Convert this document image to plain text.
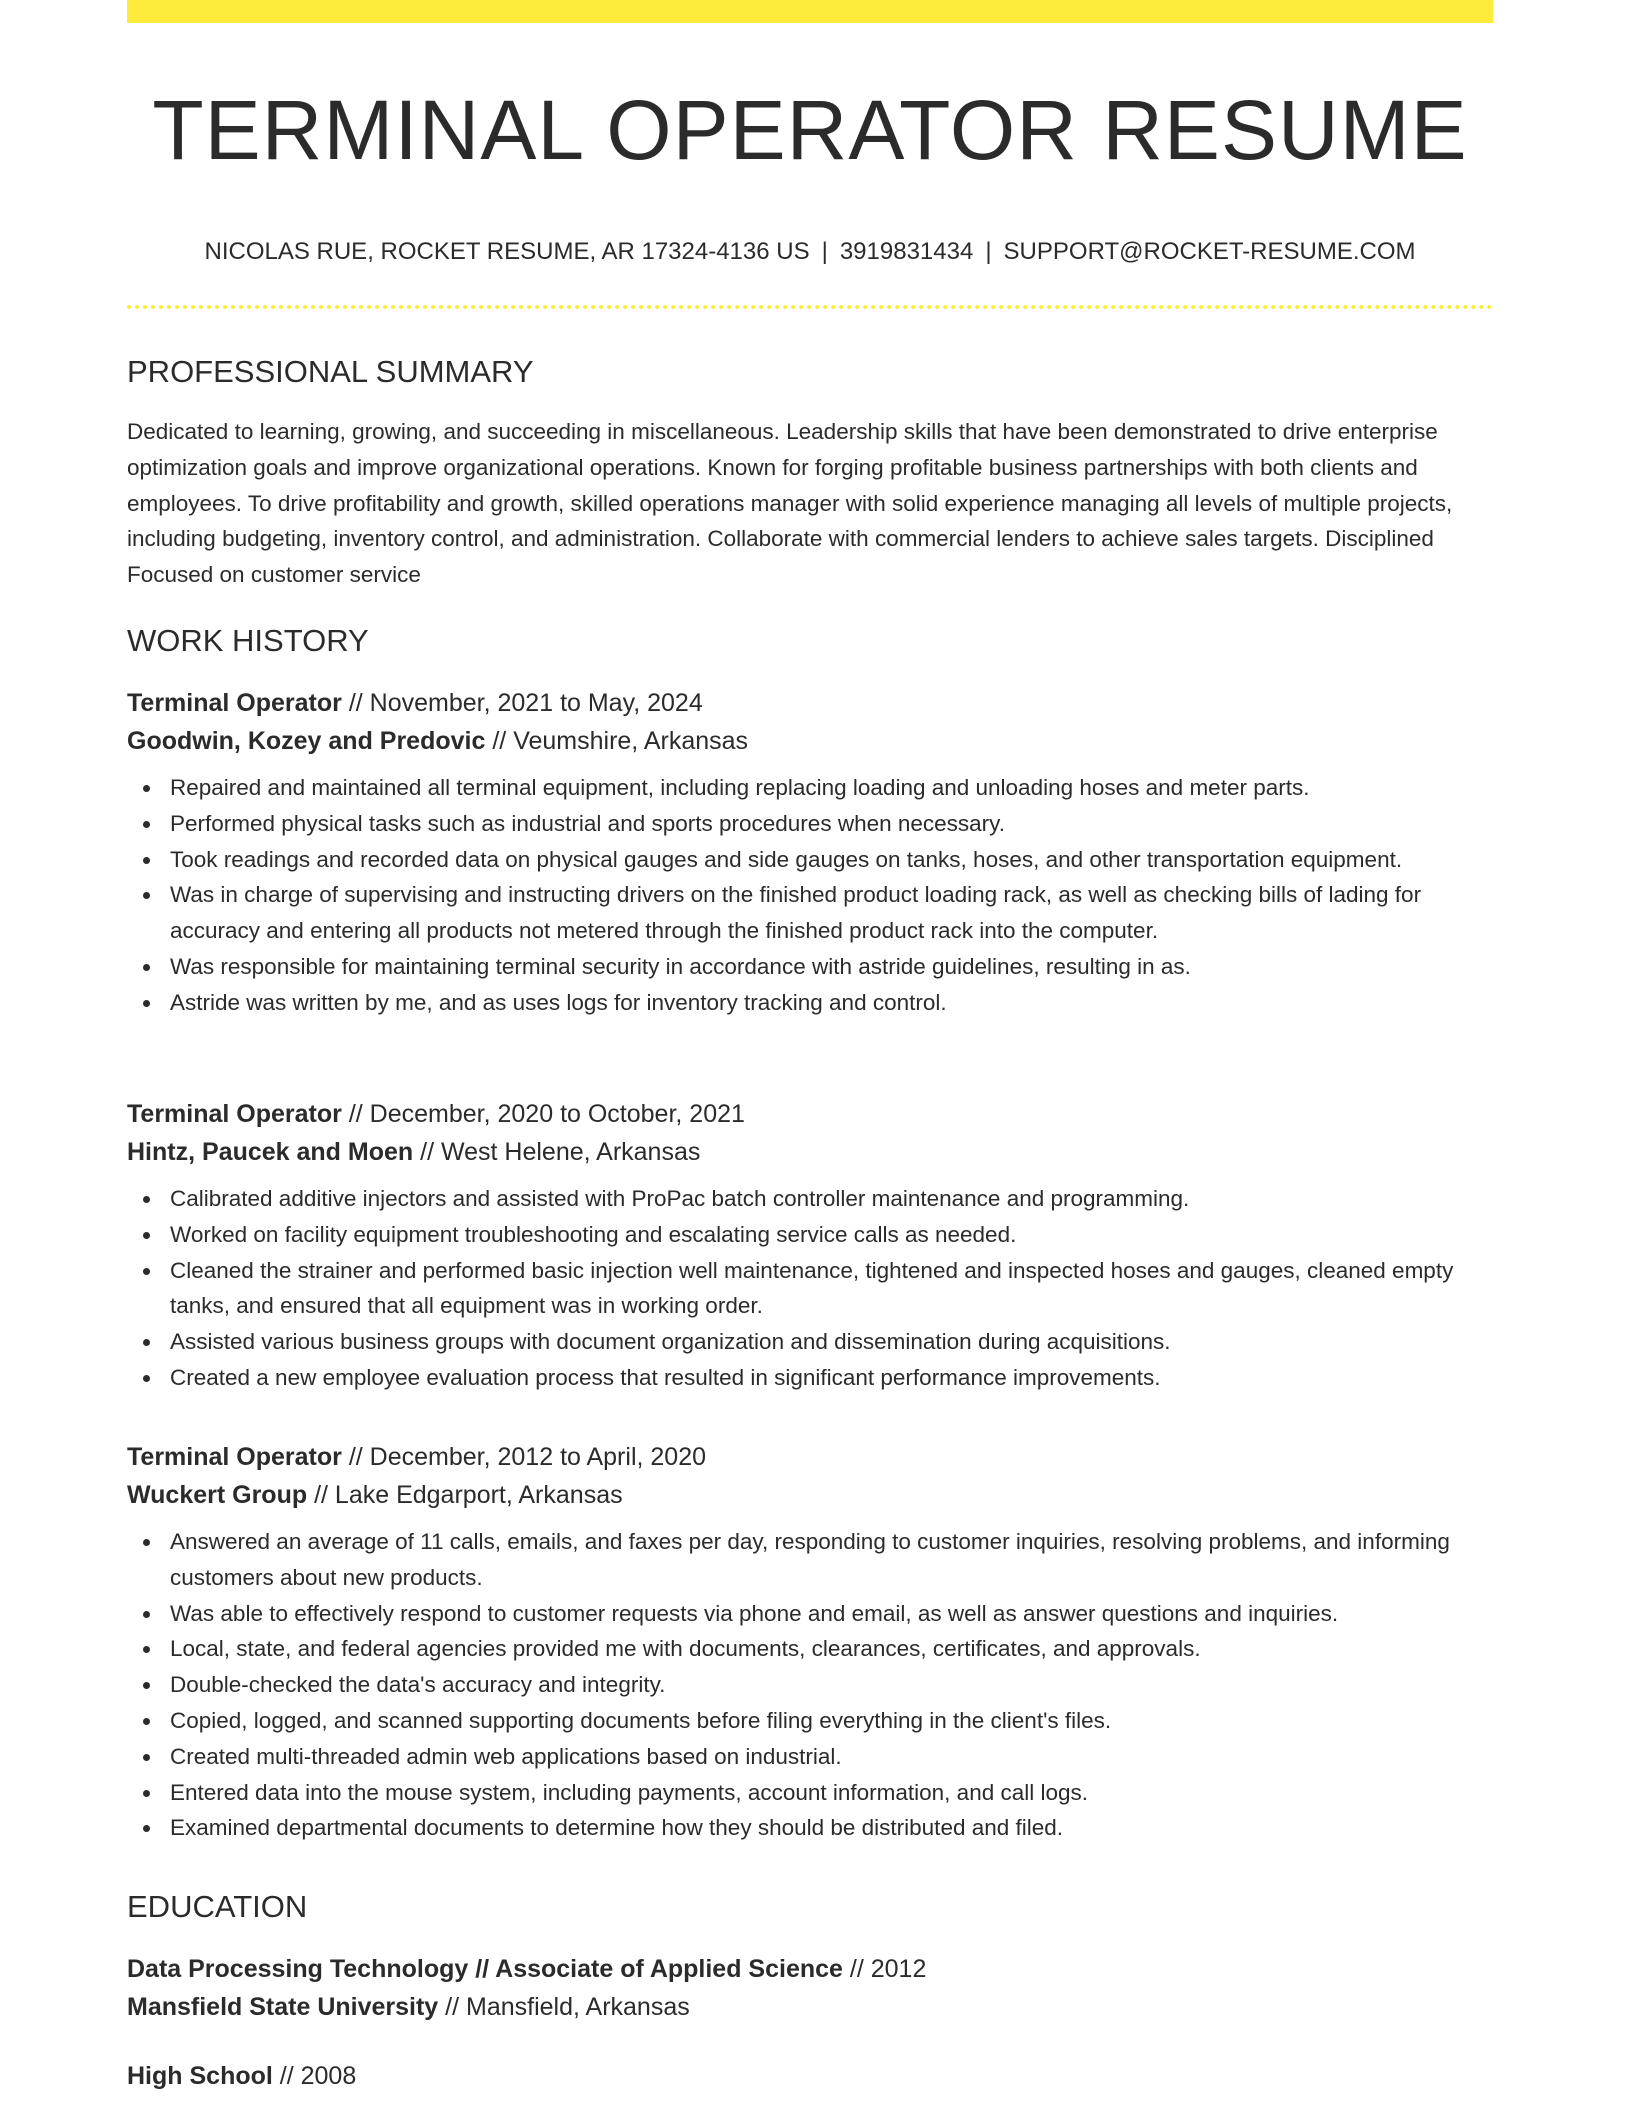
TERMINAL OPERATOR RESUME
NICOLAS RUE, ROCKET RESUME, AR 17324-4136 US | 3919831434 | SUPPORT@ROCKET-RESUME.COM
PROFESSIONAL SUMMARY

Dedicated to learning, growing, and succeeding in miscellaneous. Leadership skills that have been demonstrated to drive enterprise optimization goals and improve organizational operations. Known for forging profitable business partnerships with both clients and employees. To drive profitability and growth, skilled operations manager with solid experience managing all levels of multiple projects, including budgeting, inventory control, and administration. Collaborate with commercial lenders to achieve sales targets. Disciplined Focused on customer service

WORK HISTORY
Terminal Operator // November, 2021 to May, 2024
Goodwin, Kozey and Predovic // Veumshire, Arkansas
Repaired and maintained all terminal equipment, including replacing loading and unloading hoses and meter parts.
Performed physical tasks such as industrial and sports procedures when necessary.
Took readings and recorded data on physical gauges and side gauges on tanks, hoses, and other transportation equipment.
Was in charge of supervising and instructing drivers on the finished product loading rack, as well as checking bills of lading for accuracy and entering all products not metered through the finished product rack into the computer.
Was responsible for maintaining terminal security in accordance with astride guidelines, resulting in as.
Astride was written by me, and as uses logs for inventory tracking and control.
Terminal Operator // December, 2020 to October, 2021
Hintz, Paucek and Moen // West Helene, Arkansas
Calibrated additive injectors and assisted with ProPac batch controller maintenance and programming.
Worked on facility equipment troubleshooting and escalating service calls as needed.
Cleaned the strainer and performed basic injection well maintenance, tightened and inspected hoses and gauges, cleaned empty tanks, and ensured that all equipment was in working order.
Assisted various business groups with document organization and dissemination during acquisitions.
Created a new employee evaluation process that resulted in significant performance improvements.
Terminal Operator // December, 2012 to April, 2020
Wuckert Group // Lake Edgarport, Arkansas
Answered an average of 11 calls, emails, and faxes per day, responding to customer inquiries, resolving problems, and informing customers about new products.
Was able to effectively respond to customer requests via phone and email, as well as answer questions and inquiries.
Local, state, and federal agencies provided me with documents, clearances, certificates, and approvals.
Double-checked the data's accuracy and integrity.
Copied, logged, and scanned supporting documents before filing everything in the client's files.
Created multi-threaded admin web applications based on industrial.
Entered data into the mouse system, including payments, account information, and call logs.
Examined departmental documents to determine how they should be distributed and filed.
EDUCATION
Data Processing Technology // Associate of Applied Science // 2012
Mansfield State University // Mansfield, Arkansas
High School // 2008
